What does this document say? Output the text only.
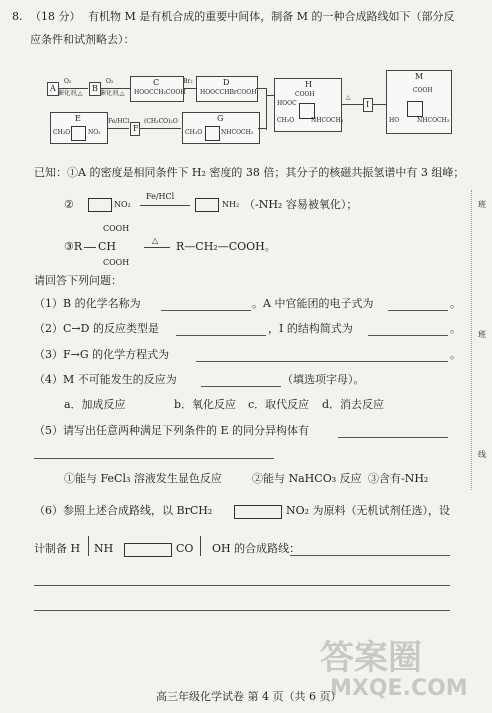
8. （18 分） 有机物 M 是有机合成的重要中间体，制备 M 的一种合成路线如下（部分反
应条件和试剂略去）：
A
O₂
催化剂,△
B
O₂
催化剂,△
C
HOOCCH₂COOH
Br₂	D
HOOCCHBrCOOH
H
COOH
HOOC
CH₃O	NHCOCH₃
△
I
M
COOH
HO	NHCOCH₃
E
CH₃O	NO₂
Fe/HCl
F
(CH₃CO)₂O	G
CH₃O	NHCOCH₃
已知：①A 的密度是相同条件下 H₂ 密度的 38 倍；其分子的核磁共振氢谱中有 3 组峰；
②	NO₂
Fe/HCl
NH₂ （-NH₂ 容易被氧化）；
COOH
③R CH
COOH
△ R—CH₂—COOH。
请回答下列问题：
（1）B 的化学名称为	。A 中官能团的电子式为	。
（2）C→D 的反应类型是	，I 的结构简式为	。
（3）F→G 的化学方程式为	。
（4）M 不可能发生的反应为	（填选项字母）。
a．加成反应	b．氧化反应 c．取代反应 d．消去反应
（5）请写出任意两种满足下列条件的 E 的同分异构体有
①能与 FeCl₃ 溶液发生显色反应	②能与 NaHCO₃ 反应 ③含有-NH₂
（6）参照上述合成路线，以 BrCH₂	NO₂ 为原料（无机试剂任选），设
计制备 H NH	CO OH 的合成路线：
班
班
线
高三年级化学试卷 第 4 页（共 6 页）
答案圈
MXQE.COM
